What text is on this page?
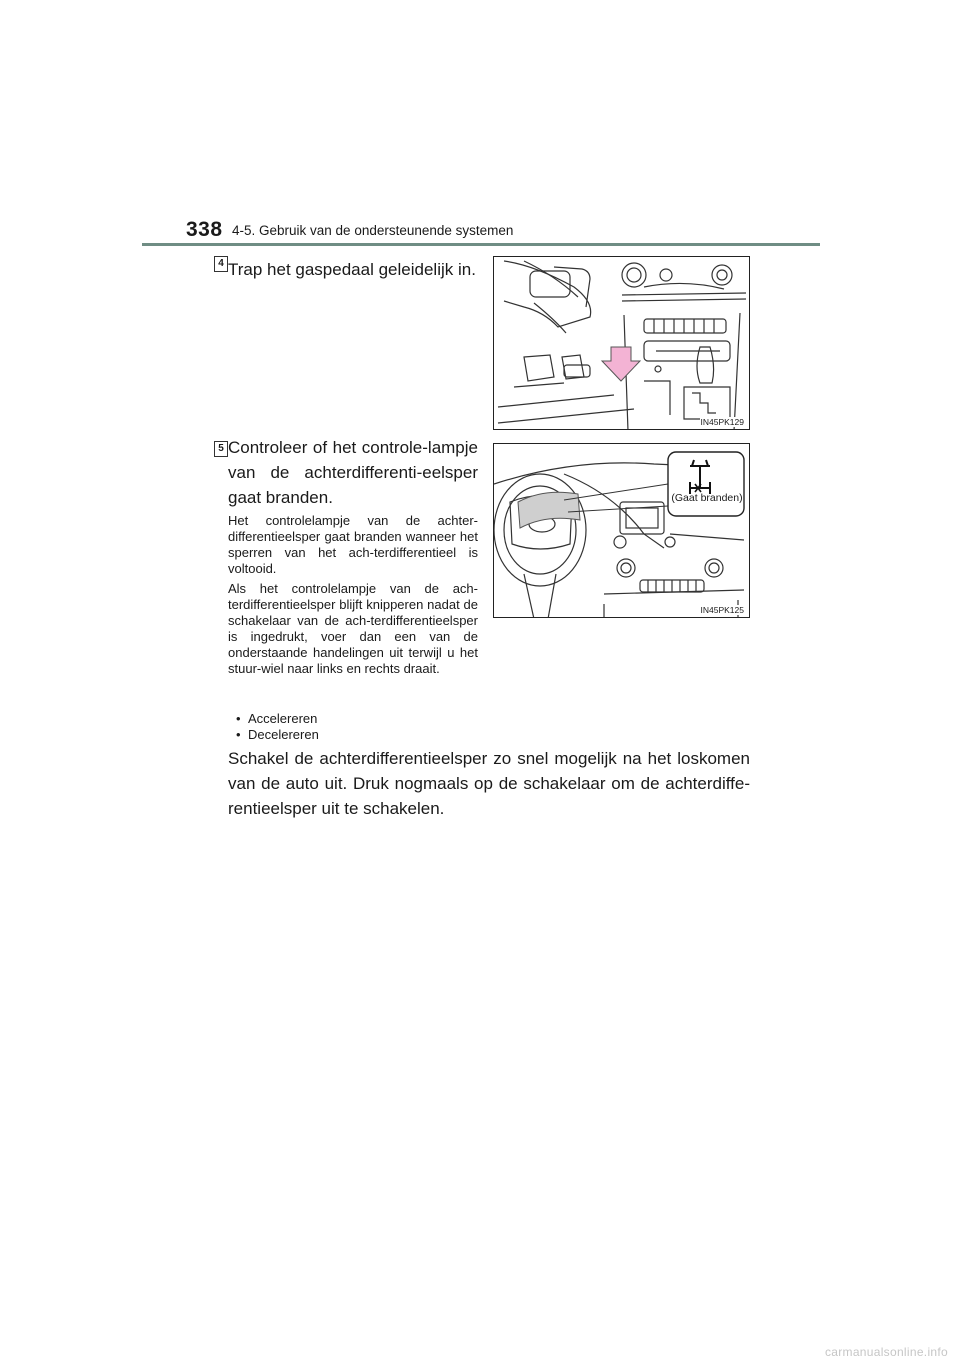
338 4-5. Gebruik van de ondersteunende systemen
4 Trap het gaspedaal geleidelijk in.
IN45PK129
5 Controleer of het controle-lampje van de achterdifferenti-eelsper gaat branden.

Het controlelampje van de achter-differentieelsper gaat branden wanneer het sperren van het ach-terdifferentieel is voltooid.

Als het controlelampje van de ach-terdifferentieelsper blijft knipperen nadat de schakelaar van de ach-terdifferentieelsper is ingedrukt, voer dan een van de onderstaande handelingen uit terwijl u het stuur-wiel naar links en rechts draait.

• Accelereren
• Decelereren
(Gaat branden)
IN45PK125
Schakel de achterdifferentieelsper zo snel mogelijk na het loskomen van de auto uit. Druk nogmaals op de schakelaar om de achterdiffe-rentieelsper uit te schakelen.
carmanualsonline.info
